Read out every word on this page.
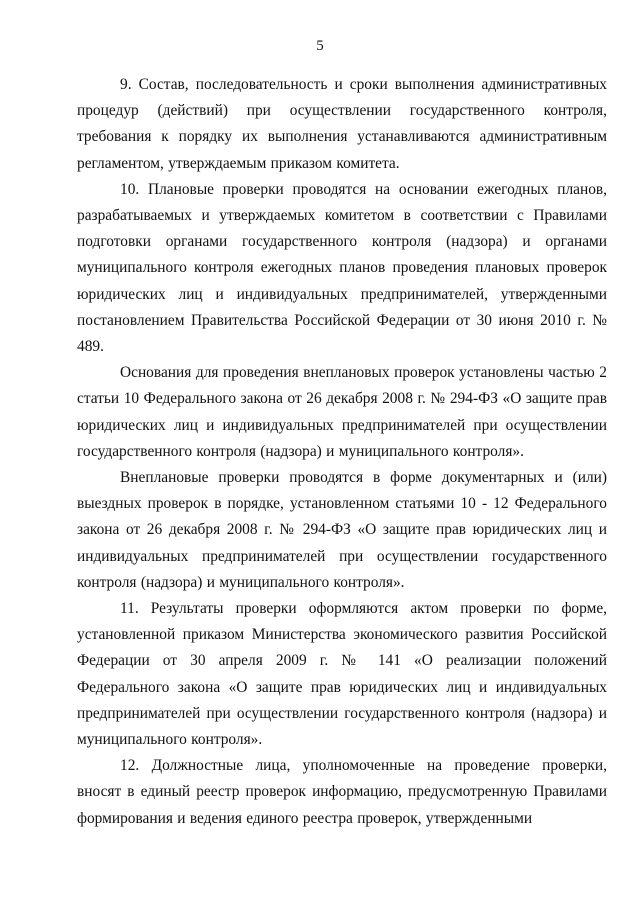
5

9. Состав, последовательность и сроки выполнения административных процедур (действий) при осуществлении государственного контроля, требования к порядку их выполнения устанавливаются административным регламентом, утверждаемым приказом комитета.

10. Плановые проверки проводятся на основании ежегодных планов, разрабатываемых и утверждаемых комитетом в соответствии с Правилами подготовки органами государственного контроля (надзора) и органами муниципального контроля ежегодных планов проведения плановых проверок юридических лиц и индивидуальных предпринимателей, утвержденными постановлением Правительства Российской Федерации от 30 июня 2010 г. № 489.

Основания для проведения внеплановых проверок установлены частью 2 статьи 10 Федерального закона от 26 декабря 2008 г. № 294-ФЗ «О защите прав юридических лиц и индивидуальных предпринимателей при осуществлении государственного контроля (надзора) и муниципального контроля».

Внеплановые проверки проводятся в форме документарных и (или) выездных проверок в порядке, установленном статьями 10 - 12 Федерального закона от 26 декабря 2008 г. № 294-ФЗ «О защите прав юридических лиц и индивидуальных предпринимателей при осуществлении государственного контроля (надзора) и муниципального контроля».

11. Результаты проверки оформляются актом проверки по форме, установленной приказом Министерства экономического развития Российской Федерации от 30 апреля 2009 г. № 141 «О реализации положений Федерального закона «О защите прав юридических лиц и индивидуальных предпринимателей при осуществлении государственного контроля (надзора) и муниципального контроля».

12. Должностные лица, уполномоченные на проведение проверки, вносят в единый реестр проверок информацию, предусмотренную Правилами формирования и ведения единого реестра проверок, утвержденными
